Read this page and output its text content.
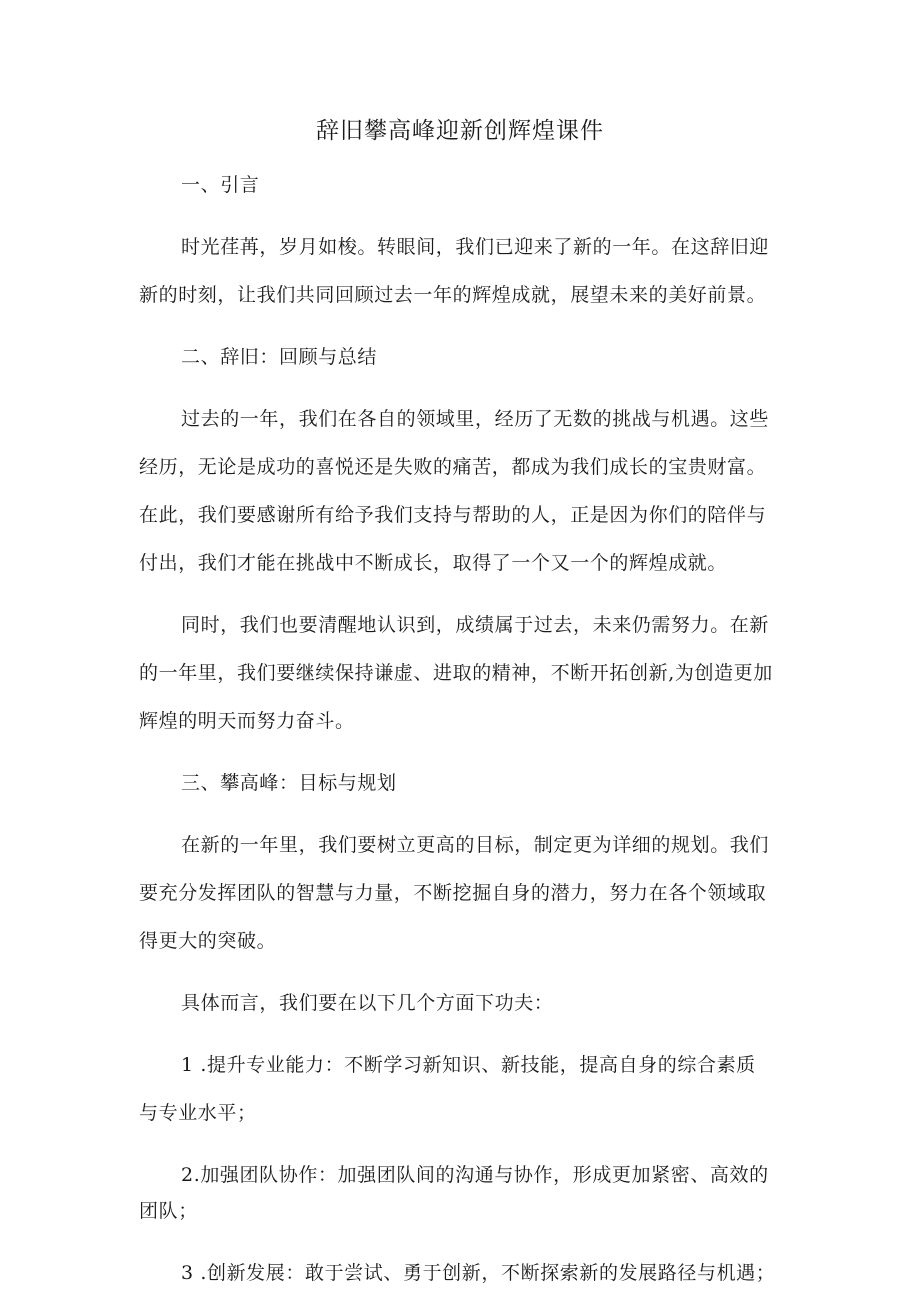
辞旧攀高峰迎新创辉煌课件
一、引言
时光荏苒，岁月如梭。转眼间，我们已迎来了新的一年。在这辞旧迎
新的时刻，让我们共同回顾过去一年的辉煌成就，展望未来的美好前景。
二、辞旧：回顾与总结
过去的一年，我们在各自的领域里，经历了无数的挑战与机遇。这些
经历，无论是成功的喜悦还是失败的痛苦，都成为我们成长的宝贵财富。
在此，我们要感谢所有给予我们支持与帮助的人，正是因为你们的陪伴与
付出，我们才能在挑战中不断成长，取得了一个又一个的辉煌成就。
同时，我们也要清醒地认识到，成绩属于过去，未来仍需努力。在新
的一年里，我们要继续保持谦虚、进取的精神，不断开拓创新,为创造更加
辉煌的明天而努力奋斗。
三、攀高峰：目标与规划
在新的一年里，我们要树立更高的目标，制定更为详细的规划。我们
要充分发挥团队的智慧与力量，不断挖掘自身的潜力，努力在各个领域取
得更大的突破。
具体而言，我们要在以下几个方面下功夫：
1 .提升专业能力：不断学习新知识、新技能，提高自身的综合素质
与专业水平；
2.加强团队协作：加强团队间的沟通与协作，形成更加紧密、高效的
团队；
3 .创新发展：敢于尝试、勇于创新，不断探索新的发展路径与机遇；
